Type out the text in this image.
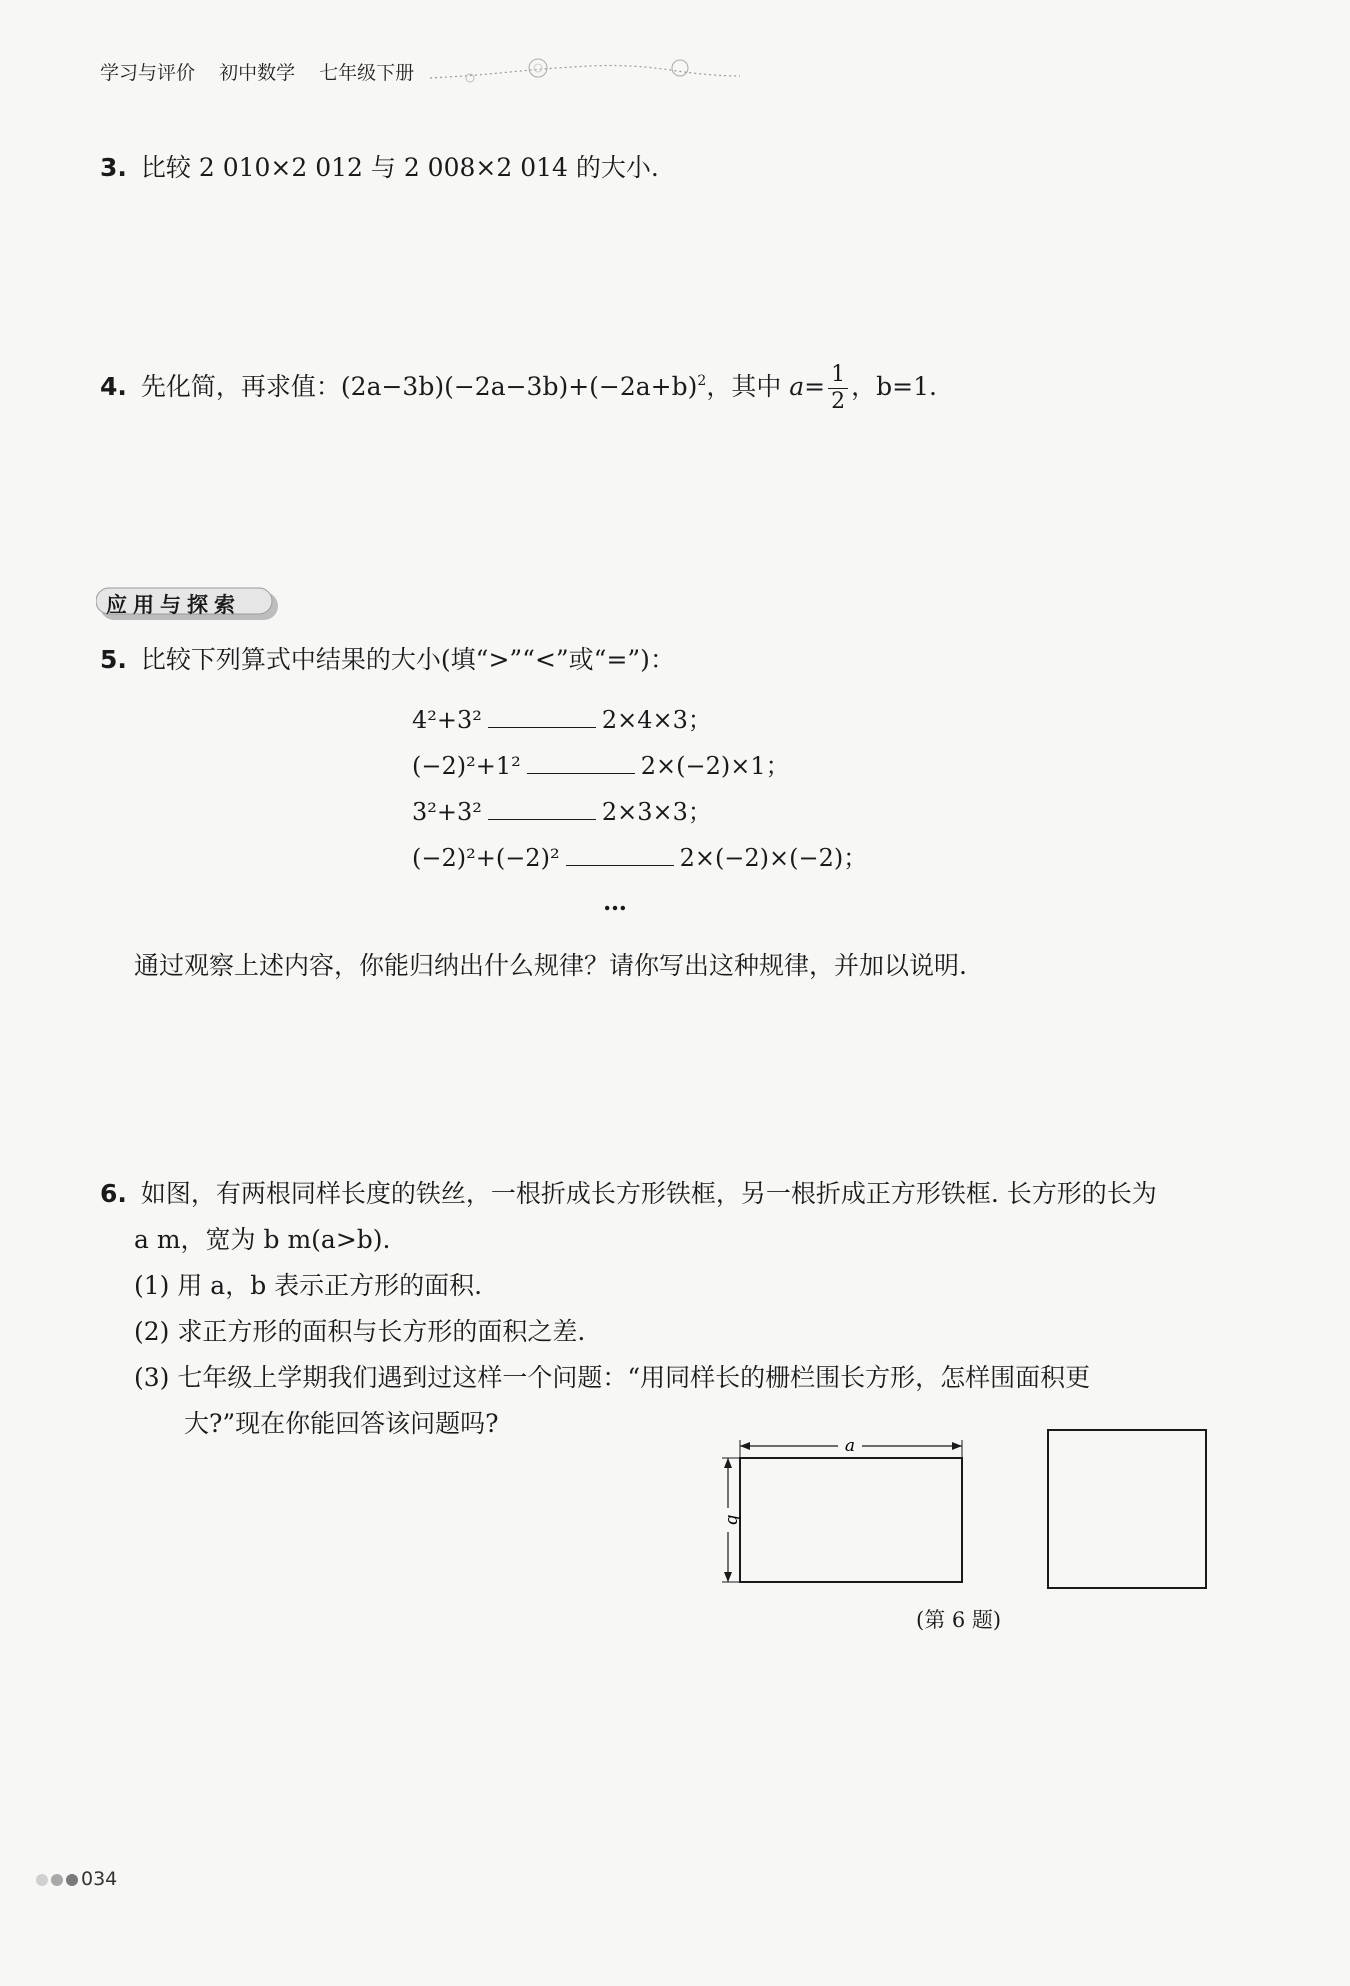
学习与评价 初中数学 七年级下册
3. 比较 2 010×2 012 与 2 008×2 014 的大小.
4. 先化简，再求值：$(2a-3b)(-2a-3b)+(-2a+b)^2$，其中 $a= \frac{1}{2}$ ，b=1.
应用与探索
5. 比较下列算式中结果的大小(填“>”“<”或“=”)：
4²+3²	2×4×3；
(−2)²+1²	2×(−2)×1；
3²+3²	2×3×3；
(−2)²+(−2)²	2×(−2)×(−2)；
…
通过观察上述内容，你能归纳出什么规律？请你写出这种规律，并加以说明.
6. 如图，有两根同样长度的铁丝，一根折成长方形铁框，另一根折成正方形铁框. 长方形的长为
a m，宽为 b m(a>b).
(1) 用 a，b 表示正方形的面积.
(2) 求正方形的面积与长方形的面积之差.
(3) 七年级上学期我们遇到过这样一个问题：“用同样长的栅栏围长方形，怎样围面积更
大?”现在你能回答该问题吗?
a
b
(第 6 题)
034
